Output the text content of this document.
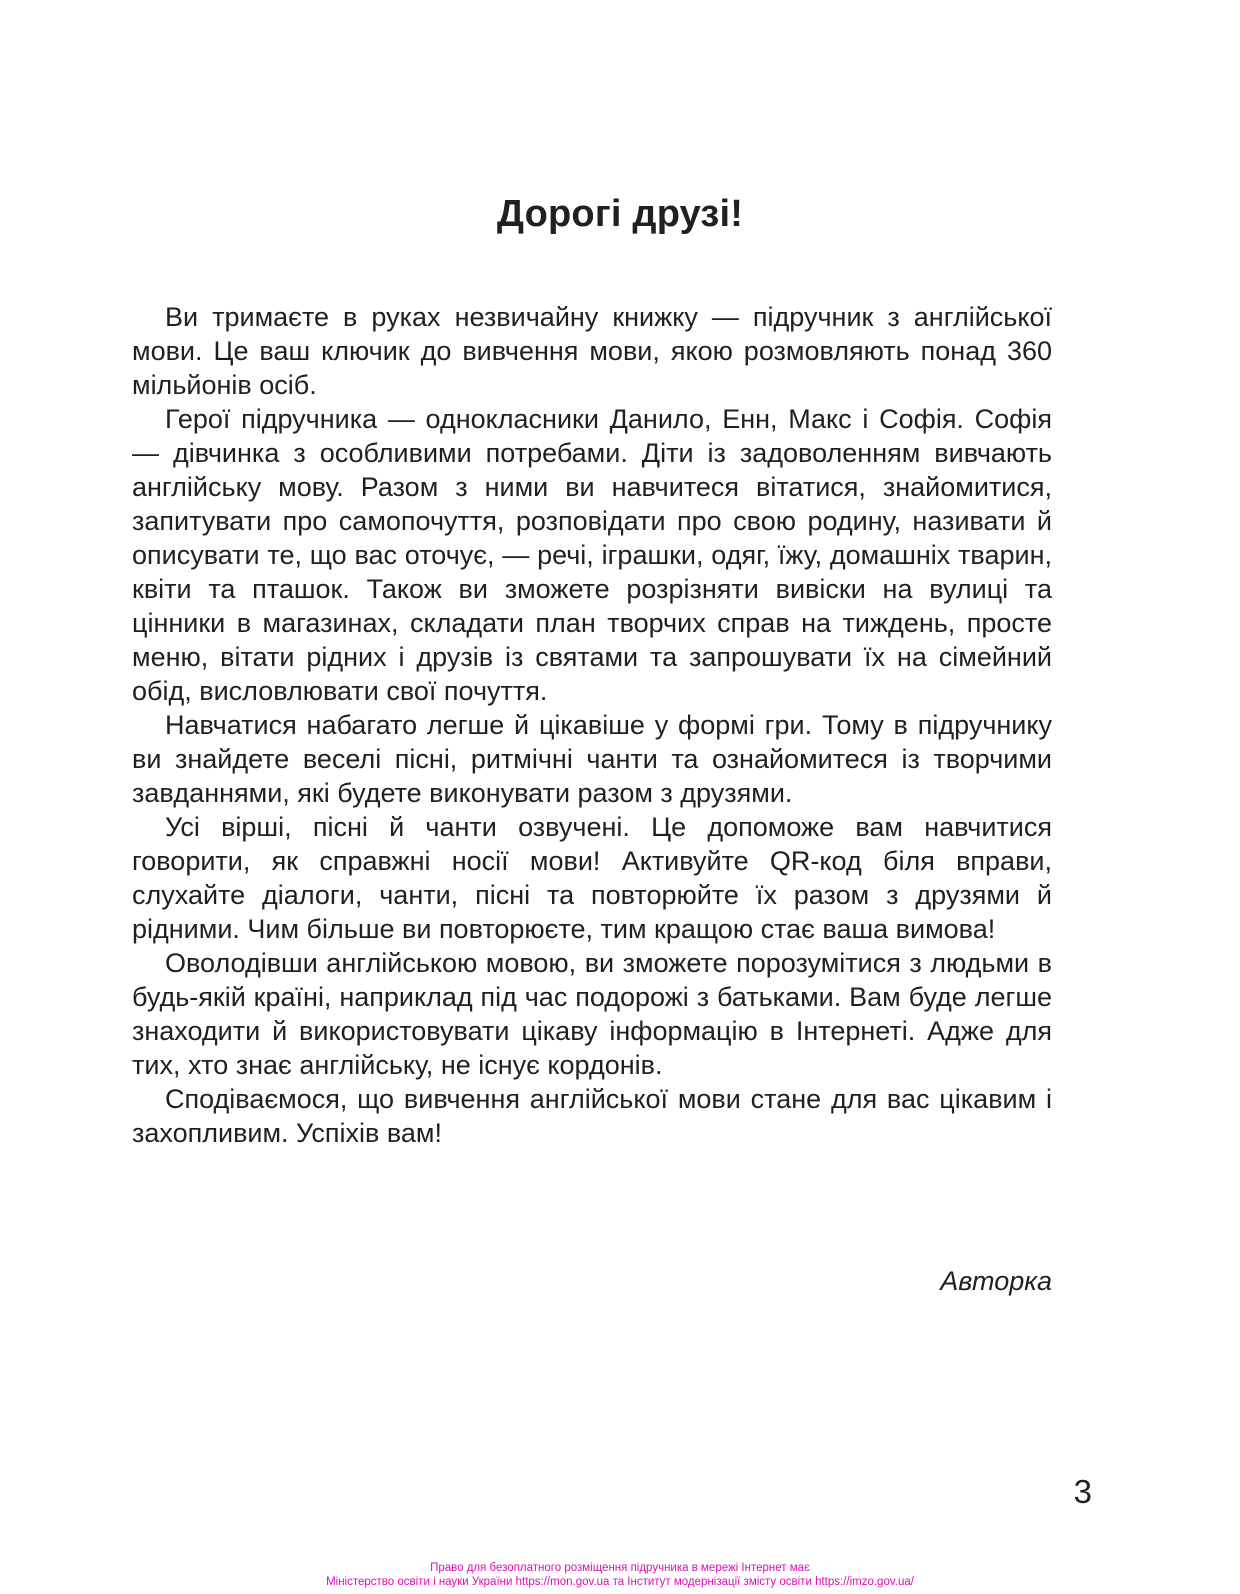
Дорогі друзі!

Ви тримаєте в руках незвичайну книжку — підручник з англійської мови. Це ваш ключик до вивчення мови, якою розмовляють понад 360 мільйонів осіб.

Герої підручника — однокласники Данило, Енн, Макс і Софія. Софія — дівчинка з особливими потребами. Діти із задоволенням вивчають англійську мову. Разом з ними ви навчитеся вітатися, знайомитися, запитувати про самопочуття, розповідати про свою родину, називати й описувати те, що вас оточує, — речі, іграшки, одяг, їжу, домашніх тварин, квіти та пташок. Також ви зможете розрізняти вивіски на вулиці та цінники в магазинах, складати план творчих справ на тиждень, просте меню, вітати рідних і друзів із святами та запрошувати їх на сімейний обід, висловлювати свої почуття.

Навчатися набагато легше й цікавіше у формі гри. Тому в підручнику ви знайдете веселі пісні, ритмічні чанти та ознайомитеся із творчими завданнями, які будете виконувати разом з друзями.

Усі вірші, пісні й чанти озвучені. Це допоможе вам навчитися говорити, як справжні носії мови! Активуйте QR-код біля вправи, слухайте діалоги, чанти, пісні та повторюйте їх разом з друзями й рідними. Чим більше ви повторюєте, тим кращою стає ваша вимова!

Оволодівши англійською мовою, ви зможете порозумітися з людьми в будь-якій країні, наприклад під час подорожі з батьками. Вам буде легше знаходити й використовувати цікаву інформацію в Інтернеті. Адже для тих, хто знає англійську, не існує кордонів.

Сподіваємося, що вивчення англійської мови стане для вас цікавим і захопливим. Успіхів вам!

Авторка

3

Право для безоплатного розміщення підручника в мережі Інтернет має
Міністерство освіти і науки України https://mon.gov.ua та Інститут модернізації змісту освіти https://imzo.gov.ua/
